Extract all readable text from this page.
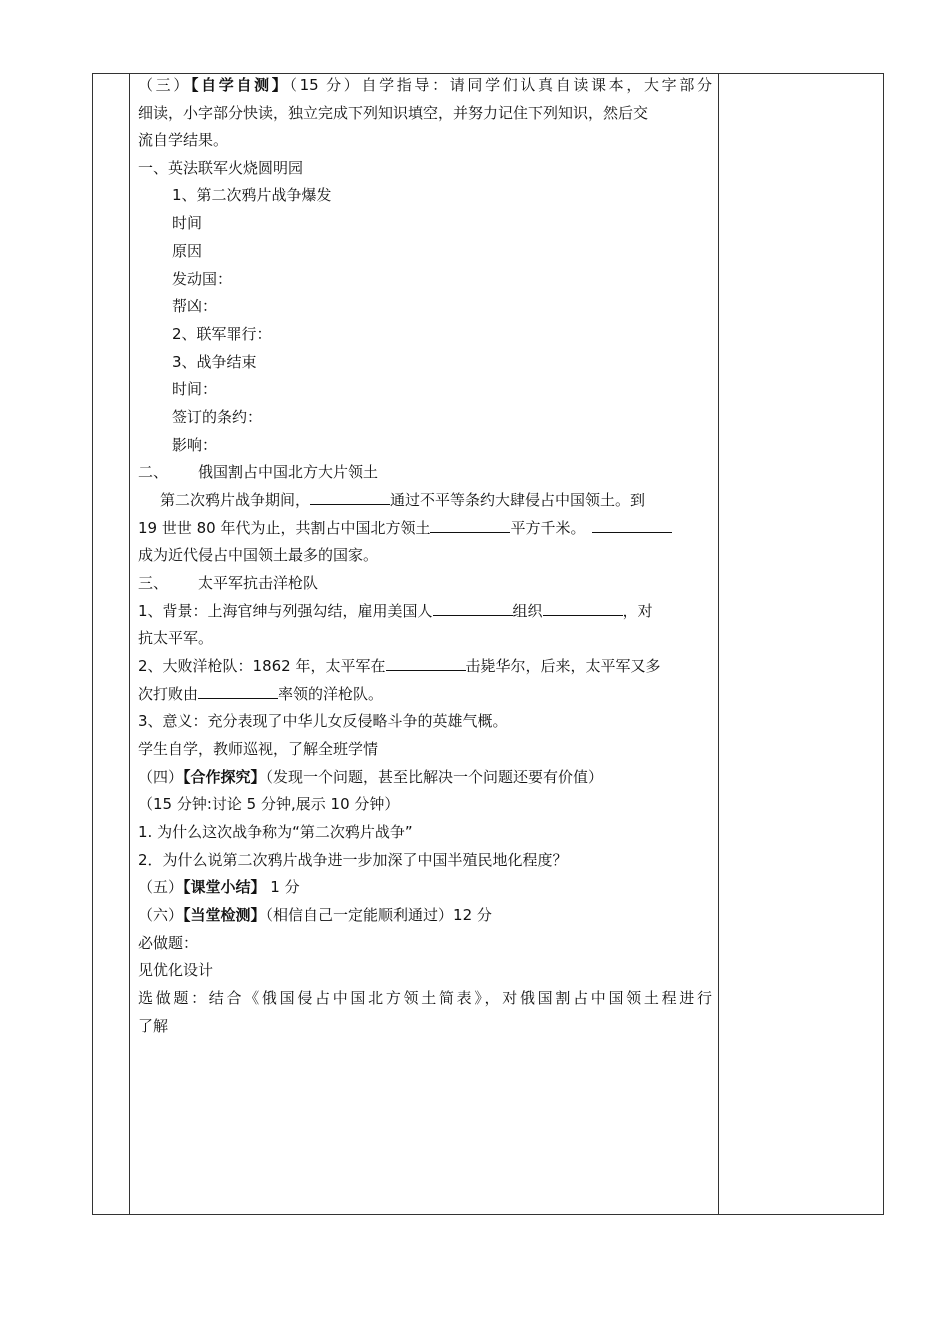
（三）【自学自测】（15 分）自学指导：请同学们认真自读课本，大字部分
细读，小字部分快读，独立完成下列知识填空，并努力记住下列知识，然后交
流自学结果。
一、英法联军火烧圆明园
1、第二次鸦片战争爆发
时间
原因
发动国：
帮凶：
2、联军罪行：
3、战争结束
时间：
签订的条约：
影响：
二、 俄国割占中国北方大片领土
第二次鸦片战争期间，	通过不平等条约大肆侵占中国领土。到
19 世世 80 年代为止，共割占中国北方领土	平方千米。
成为近代侵占中国领土最多的国家。
三、 太平军抗击洋枪队
1、背景：上海官绅与列强勾结，雇用美国人	组织	，对
抗太平军。
2、大败洋枪队：1862 年，太平军在	击毙华尔，后来，太平军又多
次打败由	率领的洋枪队。
3、意义：充分表现了中华儿女反侵略斗争的英雄气概。
学生自学，教师巡视，了解全班学情
（四）【合作探究】（发现一个问题，甚至比解决一个问题还要有价值）
（15 分钟:讨论 5 分钟,展示 10 分钟）
1. 为什么这次战争称为“第二次鸦片战争”
2．为什么说第二次鸦片战争进一步加深了中国半殖民地化程度？
（五）【课堂小结】 1 分
（六）【当堂检测】（相信自己一定能顺利通过）12 分
必做题：
见优化设计
选做题：结合《俄国侵占中国北方领土简表》，对俄国割占中国领土程进行
了解
